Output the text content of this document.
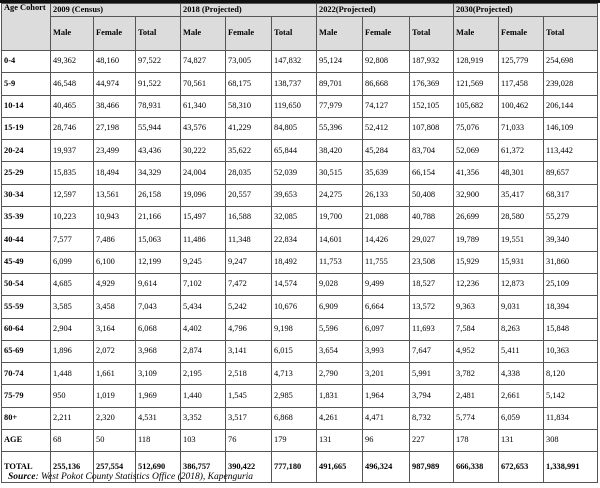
Age Cohort	2009 (Census)			2018 (Projected)			2022(Projected)			2030(Projected)		
	Male	Female	Total	Male	Female	Total	Male	Female	Total	Male	Female	Total
0-4	49,362	48,160	97,522	74,827	73,005	147,832	95,124	92,808	187,932	128,919	125,779	254,698
5-9	46,548	44,974	91,522	70,561	68,175	138,737	89,701	86,668	176,369	121,569	117,458	239,028
10-14	40,465	38,466	78,931	61,340	58,310	119,650	77,979	74,127	152,105	105,682	100,462	206,144
15-19	28,746	27,198	55,944	43,576	41,229	84,805	55,396	52,412	107,808	75,076	71,033	146,109
20-24	19,937	23,499	43,436	30,222	35,622	65,844	38,420	45,284	83,704	52,069	61,372	113,442
25-29	15,835	18,494	34,329	24,004	28,035	52,039	30,515	35,639	66,154	41,356	48,301	89,657
30-34	12,597	13,561	26,158	19,096	20,557	39,653	24,275	26,133	50,408	32,900	35,417	68,317
35-39	10,223	10,943	21,166	15,497	16,588	32,085	19,700	21,088	40,788	26,699	28,580	55,279
40-44	7,577	7,486	15,063	11,486	11,348	22,834	14,601	14,426	29,027	19,789	19,551	39,340
45-49	6,099	6,100	12,199	9,245	9,247	18,492	11,753	11,755	23,508	15,929	15,931	31,860
50-54	4,685	4,929	9,614	7,102	7,472	14,574	9,028	9,499	18,527	12,236	12,873	25,109
55-59	3,585	3,458	7,043	5,434	5,242	10,676	6,909	6,664	13,572	9,363	9,031	18,394
60-64	2,904	3,164	6,068	4,402	4,796	9,198	5,596	6,097	11,693	7,584	8,263	15,848
65-69	1,896	2,072	3,968	2,874	3,141	6,015	3,654	3,993	7,647	4,952	5,411	10,363
70-74	1,448	1,661	3,109	2,195	2,518	4,713	2,790	3,201	5,991	3,782	4,338	8,120
75-79	950	1,019	1,969	1,440	1,545	2,985	1,831	1,964	3,794	2,481	2,661	5,142
80+	2,211	2,320	4,531	3,352	3,517	6,868	4,261	4,471	8,732	5,774	6,059	11,834
AGE	68	50	118	103	76	179	131	96	227	178	131	308
TOTAL	255,136	257,554	512,690	386,757	390,422	777,180	491,665	496,324	987,989	666,338	672,653	1,338,991
Source: West Pokot County Statistics Office (2018), Kapenguria
